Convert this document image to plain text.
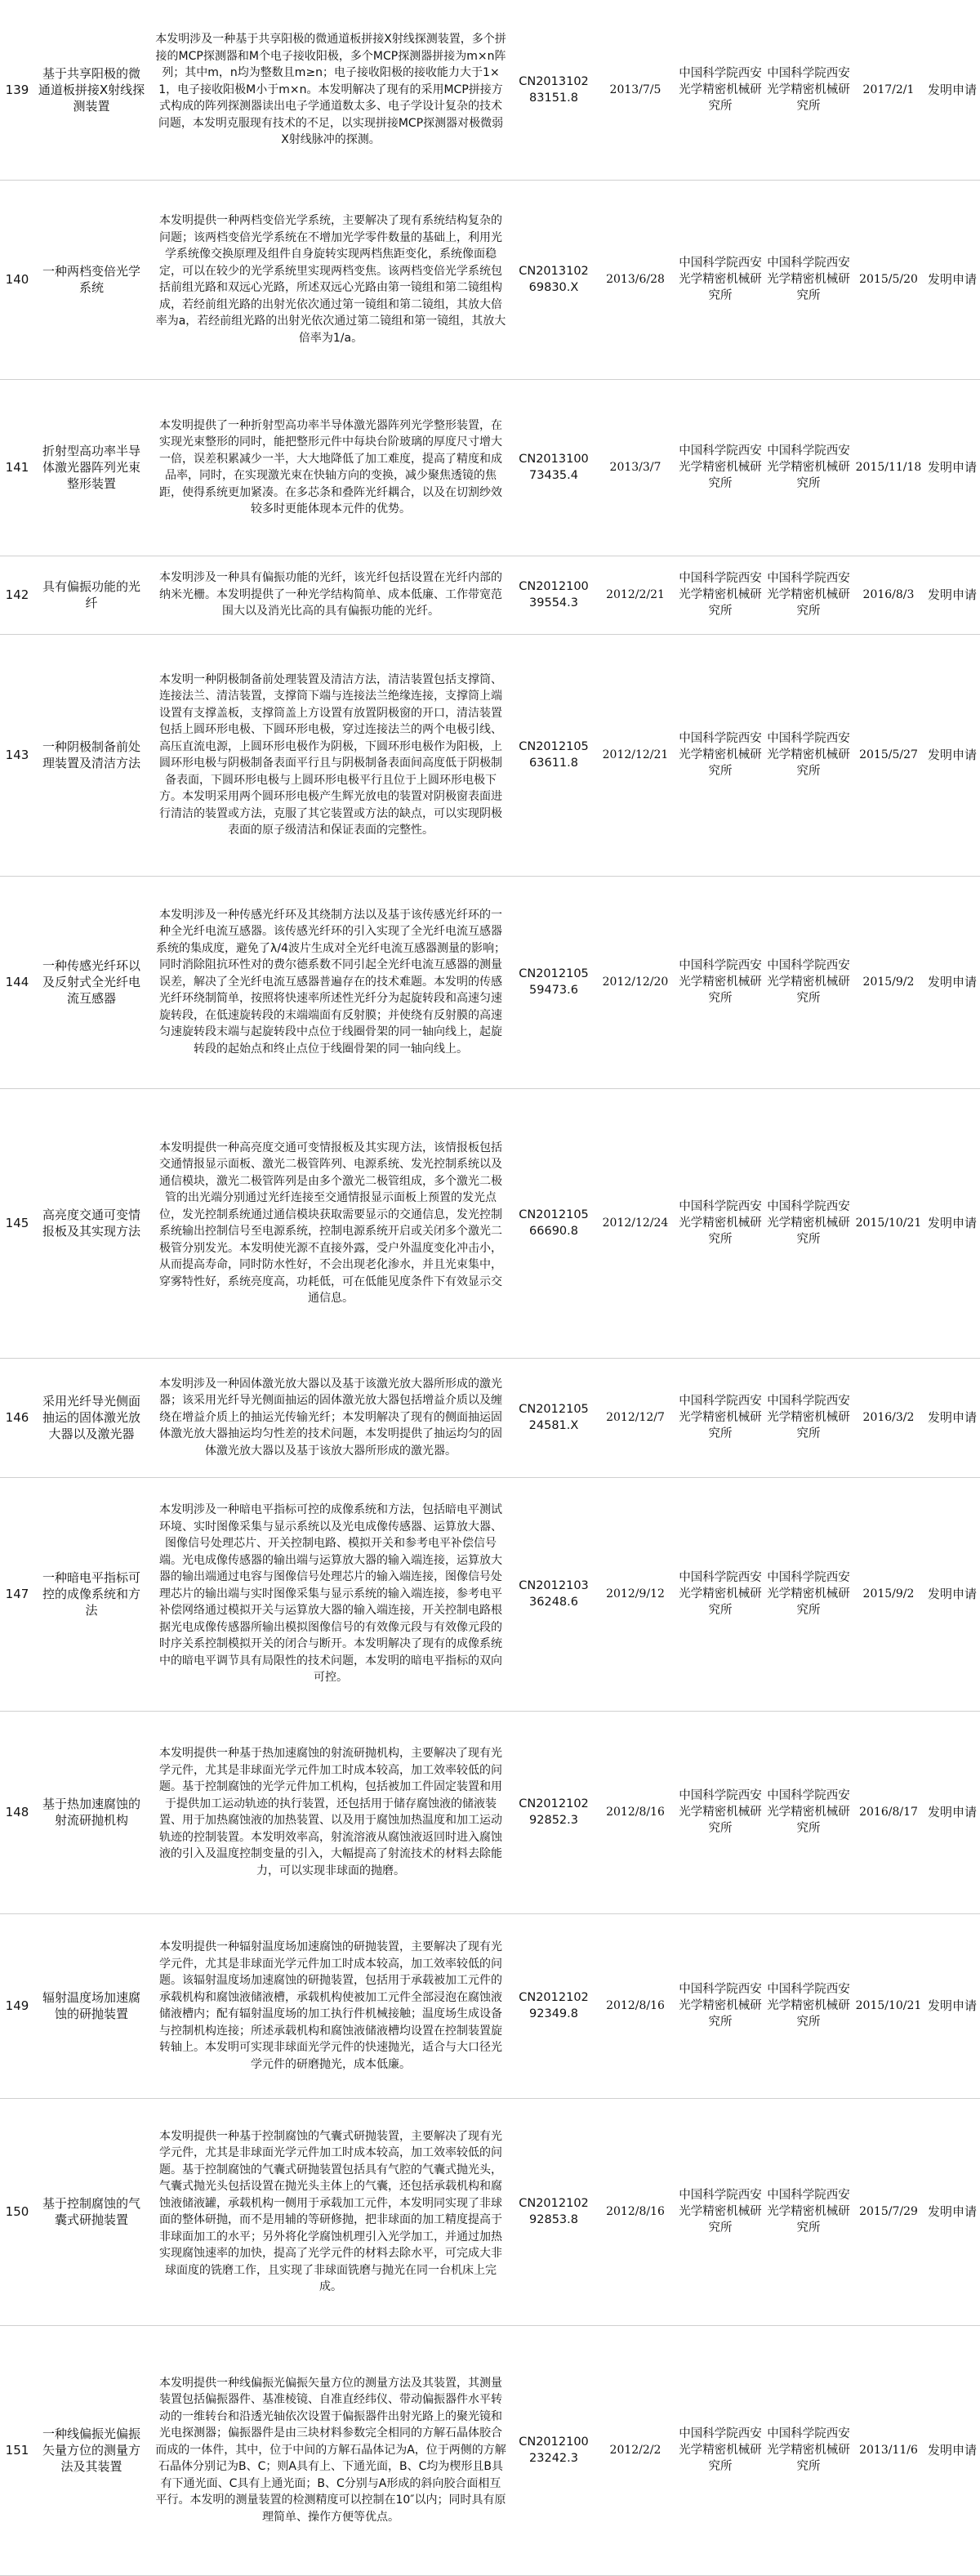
139	基于共享阳极的微通道板拼接X射线探测装置	本发明涉及一种基于共享阳极的微通道板拼接X射线探测装置，多个拼接的MCP探测器和M个电子接收阳极，多个MCP探测器拼接为m×n阵列；其中m，n均为整数且m≥n；电子接收阳极的接收能力大于1×1，电子接收阳极M小于m×n。本发明解决了现有的采用MCP拼接方式构成的阵列探测器读出电子学通道数太多、电子学设计复杂的技术问题，本发明克服现有技术的不足，以实现拼接MCP探测器对极微弱X射线脉冲的探测。	CN201310283151.8	2013/7/5	中国科学院西安光学精密机械研究所	中国科学院西安光学精密机械研究所	2017/2/1	发明申请
140	一种两档变倍光学系统	本发明提供一种两档变倍光学系统，主要解决了现有系统结构复杂的问题；该两档变倍光学系统在不增加光学零件数量的基础上，利用光学系统像交换原理及组件自身旋转实现两档焦距变化，系统像面稳定，可以在较少的光学系统里实现两档变焦。该两档变倍光学系统包括前组光路和双远心光路，所述双远心光路由第一镜组和第二镜组构成，若经前组光路的出射光依次通过第一镜组和第二镜组，其放大倍率为a，若经前组光路的出射光依次通过第二镜组和第一镜组，其放大倍率为1/a。	CN201310269830.X	2013/6/28	中国科学院西安光学精密机械研究所	中国科学院西安光学精密机械研究所	2015/5/20	发明申请
141	折射型高功率半导体激光器阵列光束整形装置	本发明提供了一种折射型高功率半导体激光器阵列光学整形装置，在实现光束整形的同时，能把整形元件中每块台阶玻璃的厚度尺寸增大一倍，误差积累减少一半，大大地降低了加工难度，提高了精度和成品率，同时，在实现激光束在快轴方向的变换，减少聚焦透镜的焦距，使得系统更加紧凑。在多芯条和叠阵光纤耦合，以及在切割纱效较多时更能体现本元件的优势。	CN201310073435.4	2013/3/7	中国科学院西安光学精密机械研究所	中国科学院西安光学精密机械研究所	2015/11/18	发明申请
142	具有偏振功能的光纤	本发明涉及一种具有偏振功能的光纤，该光纤包括设置在光纤内部的纳米光栅。本发明提供了一种光学结构简单、成本低廉、工作带宽范围大以及消光比高的具有偏振功能的光纤。	CN201210039554.3	2012/2/21	中国科学院西安光学精密机械研究所	中国科学院西安光学精密机械研究所	2016/8/3	发明申请
143	一种阴极制备前处理装置及清洁方法	本发明一种阴极制备前处理装置及清洁方法，清洁装置包括支撑筒、连接法兰、清洁装置，支撑筒下端与连接法兰绝缘连接，支撑筒上端设置有支撑盖板，支撑筒盖上方设置有放置阴极窗的开口，清洁装置包括上圆环形电极、下圆环形电极，穿过连接法兰的两个电极引线、高压直流电源，上圆环形电极作为阴极，下圆环形电极作为阳极，上圆环形电极与阴极制备表面平行且与阴极制备表面间高度低于阴极制备表面，下圆环形电极与上圆环形电极平行且位于上圆环形电极下方。本发明采用两个圆环形电极产生辉光放电的装置对阴极窗表面进行清洁的装置或方法，克服了其它装置或方法的缺点，可以实现阴极表面的原子级清洁和保证表面的完整性。	CN201210563611.8	2012/12/21	中国科学院西安光学精密机械研究所	中国科学院西安光学精密机械研究所	2015/5/27	发明申请
144	一种传感光纤环以及反射式全光纤电流互感器	本发明涉及一种传感光纤环及其绕制方法以及基于该传感光纤环的一种全光纤电流互感器。该传感光纤环的引入实现了全光纤电流互感器系统的集成度，避免了λ/4波片生成对全光纤电流互感器测量的影响；同时消除阻抗环性对的费尔德系数不同引起全光纤电流互感器的测量误差，解决了全光纤电流互感器普遍存在的技术难题。本发明的传感光纤环绕制简单，按照将快速率所述性光纤分为起旋转段和高速匀速旋转段，在低速旋转段的末端端面有反射膜；并使绕有反射膜的高速匀速旋转段末端与起旋转段中点位于线圈骨架的同一轴向线上，起旋转段的起始点和终止点位于线圈骨架的同一轴向线上。	CN201210559473.6	2012/12/20	中国科学院西安光学精密机械研究所	中国科学院西安光学精密机械研究所	2015/9/2	发明申请
145	高亮度交通可变情报板及其实现方法	本发明提供一种高亮度交通可变情报板及其实现方法，该情报板包括交通情报显示面板、激光二极管阵列、电源系统、发光控制系统以及通信模块，激光二极管阵列是由多个激光二极管组成，多个激光二极管的出光端分别通过光纤连接至交通情报显示面板上预置的发光点位，发光控制系统通过通信模块获取需要显示的交通信息，发光控制系统输出控制信号至电源系统，控制电源系统开启或关闭多个激光二极管分别发光。本发明使光源不直接外露，受户外温度变化冲击小，从而提高寿命，同时防水性好，不会出现老化渗水，并且光束集中，穿雾特性好，系统亮度高，功耗低，可在低能见度条件下有效显示交通信息。	CN201210566690.8	2012/12/24	中国科学院西安光学精密机械研究所	中国科学院西安光学精密机械研究所	2015/10/21	发明申请
146	采用光纤导光侧面抽运的固体激光放大器以及激光器	本发明涉及一种固体激光放大器以及基于该激光放大器所形成的激光器；该采用光纤导光侧面抽运的固体激光放大器包括增益介质以及缠绕在增益介质上的抽运光传输光纤；本发明解决了现有的侧面抽运固体激光放大器抽运均匀性差的技术问题，本发明提供了抽运均匀的固体激光放大器以及基于该放大器所形成的激光器。	CN201210524581.X	2012/12/7	中国科学院西安光学精密机械研究所	中国科学院西安光学精密机械研究所	2016/3/2	发明申请
147	一种暗电平指标可控的成像系统和方法	本发明涉及一种暗电平指标可控的成像系统和方法，包括暗电平测试环境、实时图像采集与显示系统以及光电成像传感器、运算放大器、图像信号处理芯片、开关控制电路、模拟开关和参考电平补偿信号端。光电成像传感器的输出端与运算放大器的输入端连接，运算放大器的输出端通过电容与图像信号处理芯片的输入端连接，图像信号处理芯片的输出端与实时图像采集与显示系统的输入端连接，参考电平补偿网络通过模拟开关与运算放大器的输入端连接，开关控制电路根据光电成像传感器所输出模拟图像信号的有效像元段与有效像元段的时序关系控制模拟开关的闭合与断开。本发明解决了现有的成像系统中的暗电平调节具有局限性的技术问题，本发明的暗电平指标的双向可控。	CN201210336248.6	2012/9/12	中国科学院西安光学精密机械研究所	中国科学院西安光学精密机械研究所	2015/9/2	发明申请
148	基于热加速腐蚀的射流研抛机构	本发明提供一种基于热加速腐蚀的射流研抛机构，主要解决了现有光学元件，尤其是非球面光学元件加工时成本较高，加工效率较低的问题。基于控制腐蚀的光学元件加工机构，包括被加工件固定装置和用于提供加工运动轨迹的执行装置，还包括用于储存腐蚀液的储液装置、用于加热腐蚀液的加热装置、以及用于腐蚀加热温度和加工运动轨迹的控制装置。本发明效率高，射流溶液从腐蚀液返回时进入腐蚀液的引入及温度控制变量的引入，大幅提高了射流技术的材料去除能力，可以实现非球面的抛磨。	CN201210292852.3	2012/8/16	中国科学院西安光学精密机械研究所	中国科学院西安光学精密机械研究所	2016/8/17	发明申请
149	辐射温度场加速腐蚀的研抛装置	本发明提供一种辐射温度场加速腐蚀的研抛装置，主要解决了现有光学元件，尤其是非球面光学元件加工时成本较高，加工效率较低的问题。该辐射温度场加速腐蚀的研抛装置，包括用于承载被加工元件的承载机构和腐蚀液储液槽，承载机构使被加工元件全部浸泡在腐蚀液储液槽内；配有辐射温度场的加工执行件机械接触；温度场生成设备与控制机构连接；所述承载机构和腐蚀液储液槽均设置在控制装置旋转轴上。本发明可实现非球面光学元件的快速抛光，适合与大口径光学元件的研磨抛光，成本低廉。	CN201210292349.8	2012/8/16	中国科学院西安光学精密机械研究所	中国科学院西安光学精密机械研究所	2015/10/21	发明申请
150	基于控制腐蚀的气囊式研抛装置	本发明提供一种基于控制腐蚀的气囊式研抛装置，主要解决了现有光学元件，尤其是非球面光学元件加工时成本较高，加工效率较低的问题。基于控制腐蚀的气囊式研抛装置包括具有气腔的气囊式抛光头，气囊式抛光头包括设置在抛光头主体上的气囊，还包括承载机构和腐蚀液储液罐，承载机构一侧用于承载加工元件，本发明同实现了非球面的整体研抛，而不是用辅的等研修抛，把非球面的加工精度提高于非球面加工的水平；另外将化学腐蚀机理引入光学加工，并通过加热实现腐蚀速率的加快，提高了光学元件的材料去除水平，可完成大非球面度的铣磨工作，且实现了非球面铣磨与抛光在同一台机床上完成。	CN201210292853.8	2012/8/16	中国科学院西安光学精密机械研究所	中国科学院西安光学精密机械研究所	2015/7/29	发明申请
151	一种线偏振光偏振矢量方位的测量方法及其装置	本发明提供一种线偏振光偏振矢量方位的测量方法及其装置，其测量装置包括偏振器件、基准棱镜、自准直经纬仪、带动偏振器件水平转动的一维转台和沿透光轴依次设置于偏振器件出射光路上的聚光镜和光电探测器；偏振器件是由三块材料参数完全相同的方解石晶体胶合而成的一体件，其中，位于中间的方解石晶体记为A，位于两侧的方解石晶体分别记为B、C；则A具有上、下通光面，B、C均为楔形且B具有下通光面、C具有上通光面；B、C分别与A形成的斜向胶合面相互平行。本发明的测量装置的检测精度可以控制在10″以内；同时具有原理简单、操作方便等优点。	CN201210023242.3	2012/2/2	中国科学院西安光学精密机械研究所	中国科学院西安光学精密机械研究所	2013/11/6	发明申请
